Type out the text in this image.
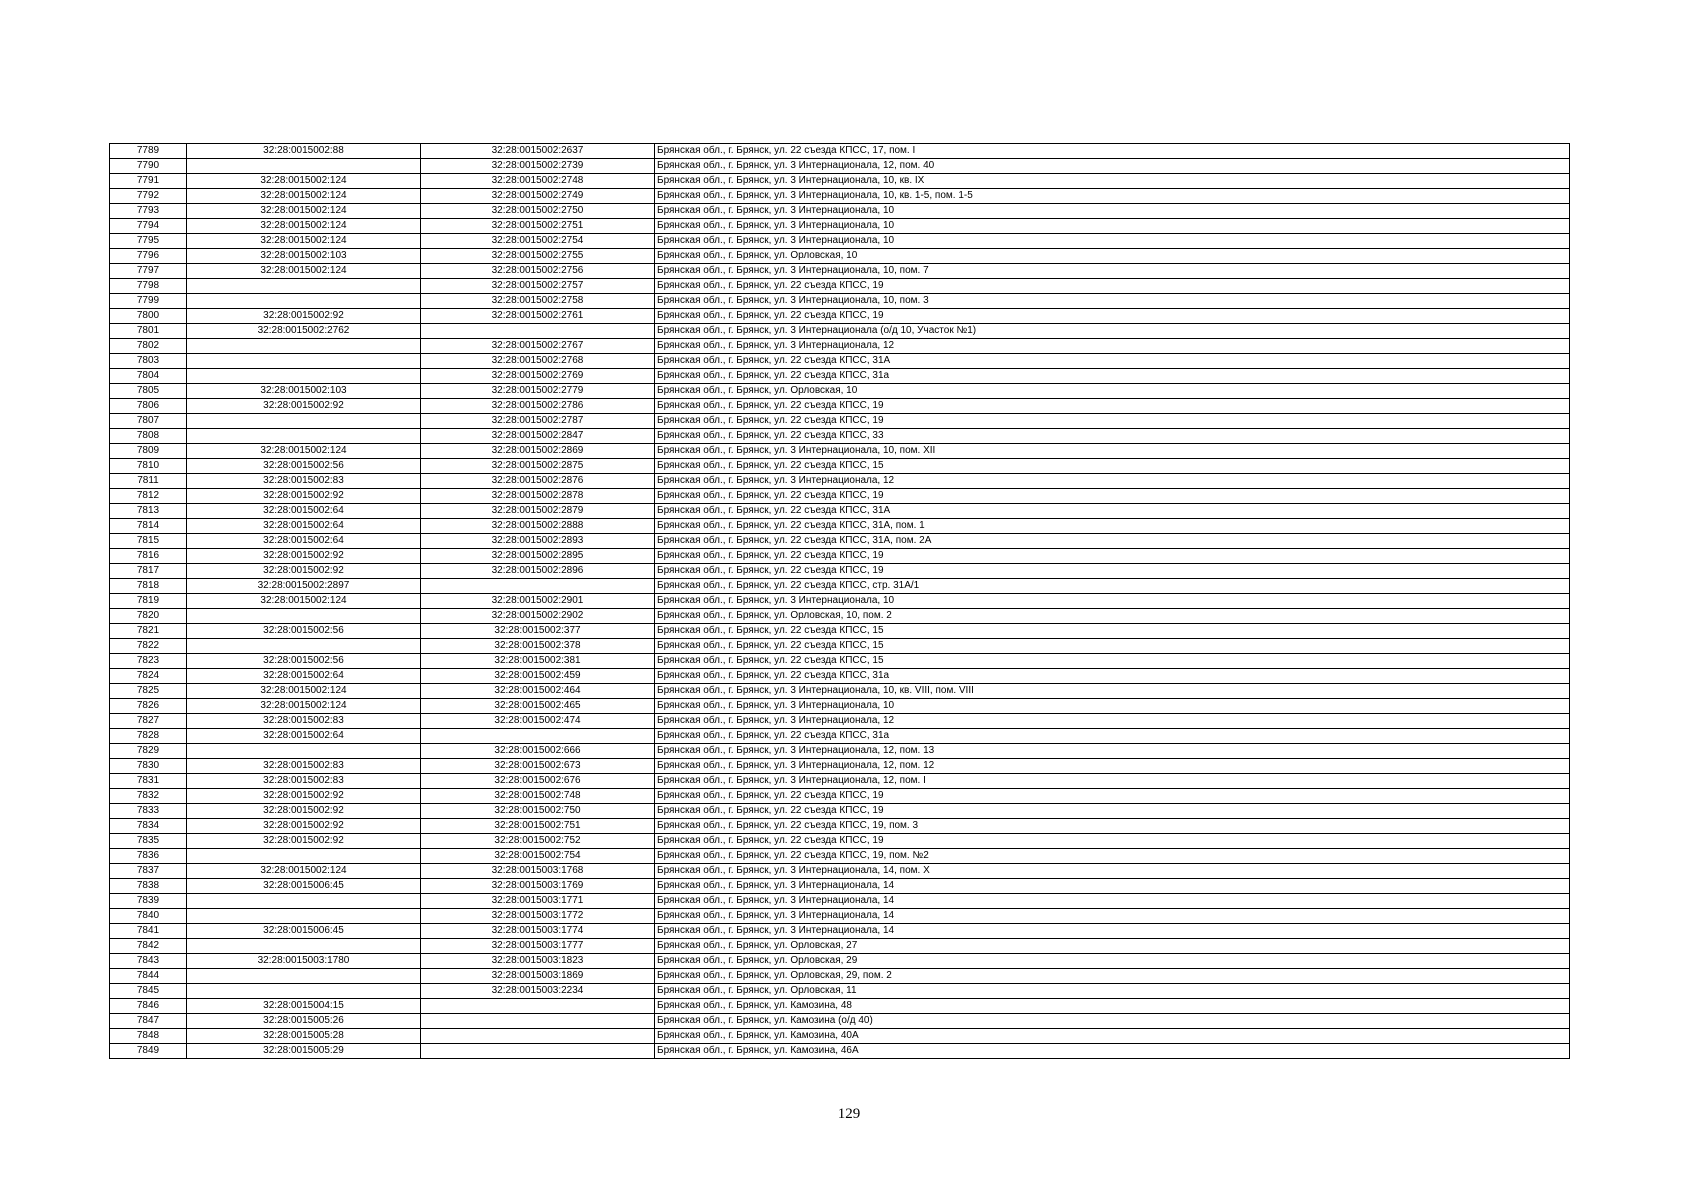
7789	32:28:0015002:88	32:28:0015002:2637	Брянская обл., г. Брянск, ул. 22 съезда КПСС, 17, пом. I
7790		32:28:0015002:2739	Брянская обл., г. Брянск, ул. 3 Интернационала, 12, пом. 40
7791	32:28:0015002:124	32:28:0015002:2748	Брянская обл., г. Брянск, ул. 3 Интернационала, 10, кв. IX
7792	32:28:0015002:124	32:28:0015002:2749	Брянская обл., г. Брянск, ул. 3 Интернационала, 10, кв. 1-5, пом. 1-5
7793	32:28:0015002:124	32:28:0015002:2750	Брянская обл., г. Брянск, ул. 3 Интернационала, 10
7794	32:28:0015002:124	32:28:0015002:2751	Брянская обл., г. Брянск, ул. 3 Интернационала, 10
7795	32:28:0015002:124	32:28:0015002:2754	Брянская обл., г. Брянск, ул. 3 Интернационала, 10
7796	32:28:0015002:103	32:28:0015002:2755	Брянская обл., г. Брянск, ул. Орловская, 10
7797	32:28:0015002:124	32:28:0015002:2756	Брянская обл., г. Брянск, ул. 3 Интернационала, 10, пом. 7
7798		32:28:0015002:2757	Брянская обл., г. Брянск, ул. 22 съезда КПСС, 19
7799		32:28:0015002:2758	Брянская обл., г. Брянск, ул. 3 Интернационала, 10, пом. 3
7800	32:28:0015002:92	32:28:0015002:2761	Брянская обл., г. Брянск, ул. 22 съезда КПСС, 19
7801	32:28:0015002:2762		Брянская обл., г. Брянск, ул. 3 Интернационала (о/д 10, Участок №1)
7802		32:28:0015002:2767	Брянская обл., г. Брянск, ул. 3 Интернационала, 12
7803		32:28:0015002:2768	Брянская обл., г. Брянск, ул. 22 съезда КПСС, 31А
7804		32:28:0015002:2769	Брянская обл., г. Брянск, ул. 22 съезда КПСС, 31а
7805	32:28:0015002:103	32:28:0015002:2779	Брянская обл., г. Брянск, ул. Орловская, 10
7806	32:28:0015002:92	32:28:0015002:2786	Брянская обл., г. Брянск, ул. 22 съезда КПСС, 19
7807		32:28:0015002:2787	Брянская обл., г. Брянск, ул. 22 съезда КПСС, 19
7808		32:28:0015002:2847	Брянская обл., г. Брянск, ул. 22 съезда КПСС, 33
7809	32:28:0015002:124	32:28:0015002:2869	Брянская обл., г. Брянск, ул. 3 Интернационала, 10, пом. XII
7810	32:28:0015002:56	32:28:0015002:2875	Брянская обл., г. Брянск, ул. 22 съезда КПСС, 15
7811	32:28:0015002:83	32:28:0015002:2876	Брянская обл., г. Брянск, ул. 3 Интернационала, 12
7812	32:28:0015002:92	32:28:0015002:2878	Брянская обл., г. Брянск, ул. 22 съезда КПСС, 19
7813	32:28:0015002:64	32:28:0015002:2879	Брянская обл., г. Брянск, ул. 22 съезда КПСС, 31А
7814	32:28:0015002:64	32:28:0015002:2888	Брянская обл., г. Брянск, ул. 22 съезда КПСС, 31А, пом. 1
7815	32:28:0015002:64	32:28:0015002:2893	Брянская обл., г. Брянск, ул. 22 съезда КПСС, 31А, пом. 2А
7816	32:28:0015002:92	32:28:0015002:2895	Брянская обл., г. Брянск, ул. 22 съезда КПСС, 19
7817	32:28:0015002:92	32:28:0015002:2896	Брянская обл., г. Брянск, ул. 22 съезда КПСС, 19
7818	32:28:0015002:2897		Брянская обл., г. Брянск, ул. 22 съезда КПСС, стр. 31А/1
7819	32:28:0015002:124	32:28:0015002:2901	Брянская обл., г. Брянск, ул. 3 Интернационала, 10
7820		32:28:0015002:2902	Брянская обл., г. Брянск, ул. Орловская, 10, пом. 2
7821	32:28:0015002:56	32:28:0015002:377	Брянская обл., г. Брянск, ул. 22 съезда КПСС, 15
7822		32:28:0015002:378	Брянская обл., г. Брянск, ул. 22 съезда КПСС, 15
7823	32:28:0015002:56	32:28:0015002:381	Брянская обл., г. Брянск, ул. 22 съезда КПСС, 15
7824	32:28:0015002:64	32:28:0015002:459	Брянская обл., г. Брянск, ул. 22 съезда КПСС, 31а
7825	32:28:0015002:124	32:28:0015002:464	Брянская обл., г. Брянск, ул. 3 Интернационала, 10, кв. VIII, пом. VIII
7826	32:28:0015002:124	32:28:0015002:465	Брянская обл., г. Брянск, ул. 3 Интернационала, 10
7827	32:28:0015002:83	32:28:0015002:474	Брянская обл., г. Брянск, ул. 3 Интернационала, 12
7828	32:28:0015002:64		Брянская обл., г. Брянск, ул. 22 съезда КПСС, 31а
7829		32:28:0015002:666	Брянская обл., г. Брянск, ул. 3 Интернационала, 12, пом. 13
7830	32:28:0015002:83	32:28:0015002:673	Брянская обл., г. Брянск, ул. 3 Интернационала, 12, пом. 12
7831	32:28:0015002:83	32:28:0015002:676	Брянская обл., г. Брянск, ул. 3 Интернационала, 12, пом. I
7832	32:28:0015002:92	32:28:0015002:748	Брянская обл., г. Брянск, ул. 22 съезда КПСС, 19
7833	32:28:0015002:92	32:28:0015002:750	Брянская обл., г. Брянск, ул. 22 съезда КПСС, 19
7834	32:28:0015002:92	32:28:0015002:751	Брянская обл., г. Брянск, ул. 22 съезда КПСС, 19, пом. 3
7835	32:28:0015002:92	32:28:0015002:752	Брянская обл., г. Брянск, ул. 22 съезда КПСС, 19
7836		32:28:0015002:754	Брянская обл., г. Брянск, ул. 22 съезда КПСС, 19, пом. №2
7837	32:28:0015002:124	32:28:0015003:1768	Брянская обл., г. Брянск, ул. 3 Интернационала, 14, пом. X
7838	32:28:0015006:45	32:28:0015003:1769	Брянская обл., г. Брянск, ул. 3 Интернационала, 14
7839		32:28:0015003:1771	Брянская обл., г. Брянск, ул. 3 Интернационала, 14
7840		32:28:0015003:1772	Брянская обл., г. Брянск, ул. 3 Интернационала, 14
7841	32:28:0015006:45	32:28:0015003:1774	Брянская обл., г. Брянск, ул. 3 Интернационала, 14
7842		32:28:0015003:1777	Брянская обл., г. Брянск, ул. Орловская, 27
7843	32:28:0015003:1780	32:28:0015003:1823	Брянская обл., г. Брянск, ул. Орловская, 29
7844		32:28:0015003:1869	Брянская обл., г. Брянск, ул. Орловская, 29, пом. 2
7845		32:28:0015003:2234	Брянская обл., г. Брянск, ул. Орловская, 11
7846	32:28:0015004:15		Брянская обл., г. Брянск, ул. Камозина, 48
7847	32:28:0015005:26		Брянская обл., г. Брянск, ул. Камозина (о/д 40)
7848	32:28:0015005:28		Брянская обл., г. Брянск, ул. Камозина, 40А
7849	32:28:0015005:29		Брянская обл., г. Брянск, ул. Камозина, 46А
129
